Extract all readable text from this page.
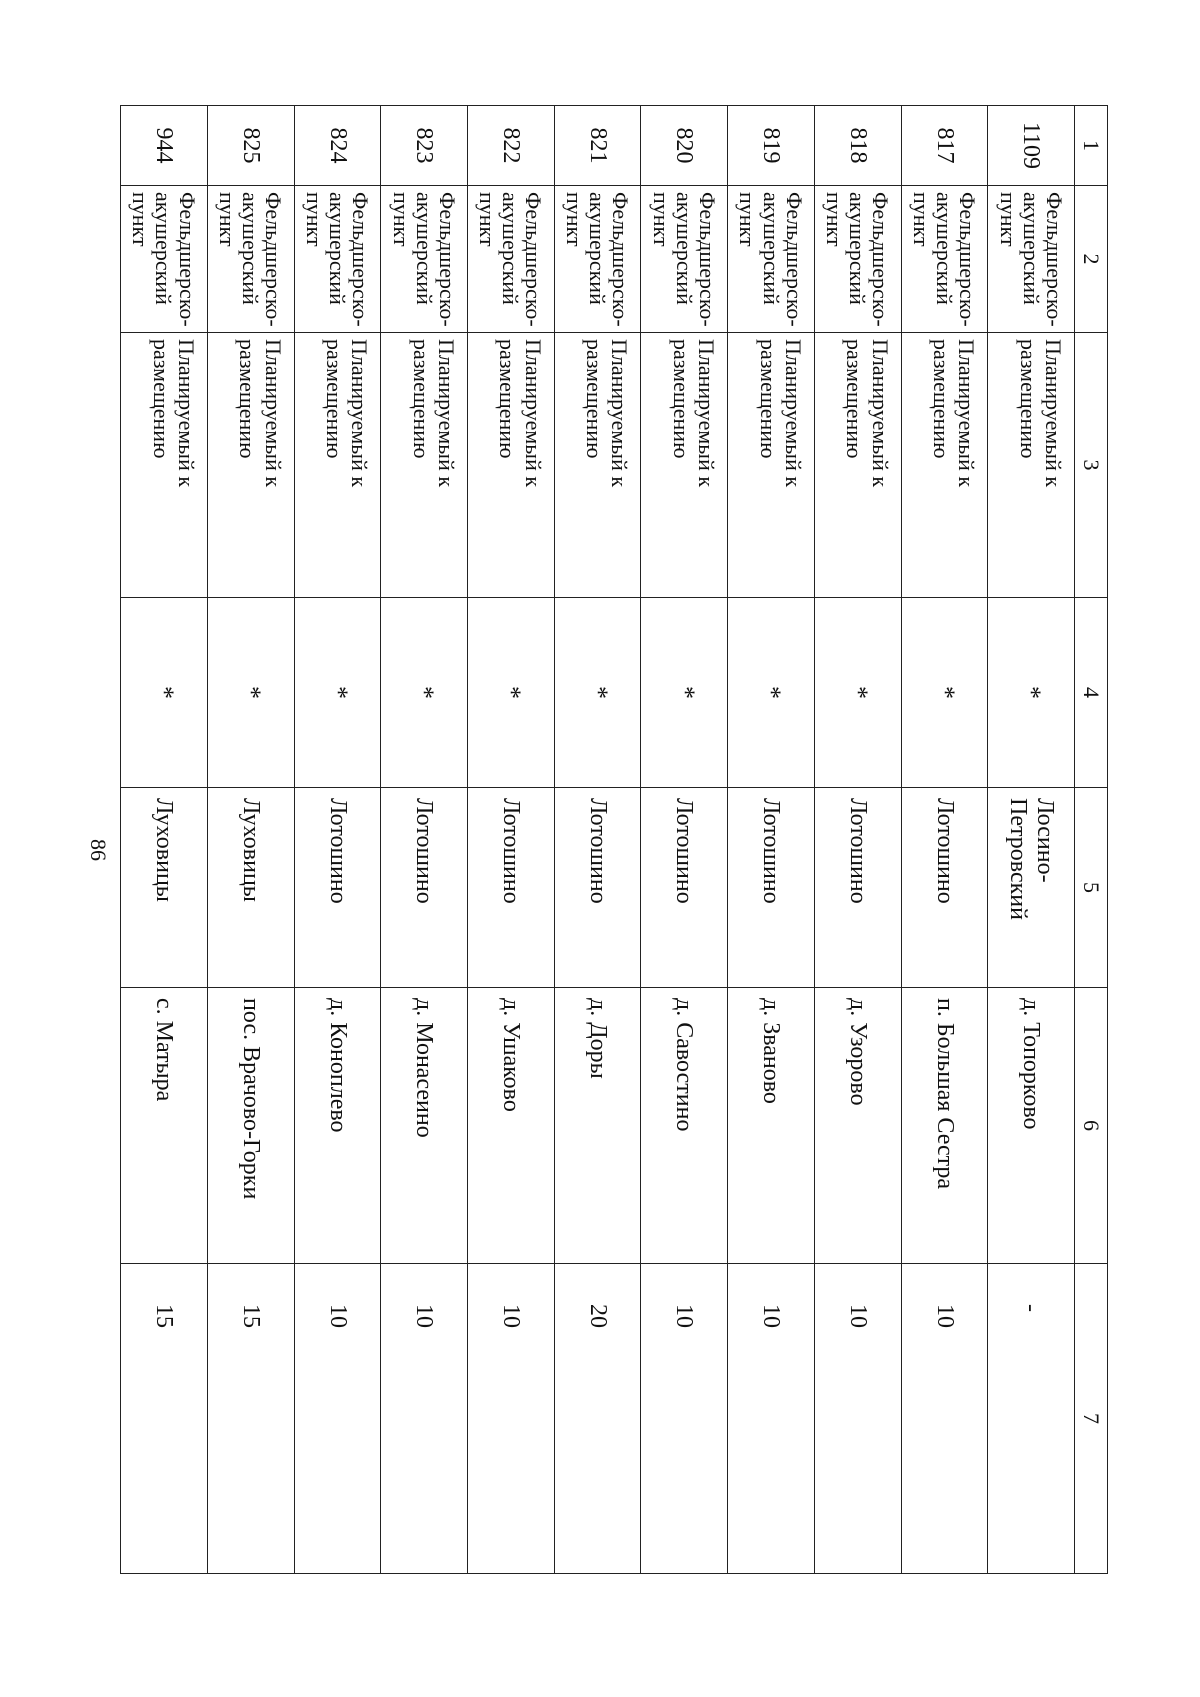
86
1	2	3	4	5	6	7
1109	Фельдшерско-акушерский пункт	Планируемый к размещению	*	Лосино-Петровский	д. Топорково	-
817	Фельдшерско-акушерский пункт	Планируемый к размещению	*	Лотошино	п. Большая Сестра	10
818	Фельдшерско-акушерский пункт	Планируемый к размещению	*	Лотошино	д. Узорово	10
819	Фельдшерско-акушерский пункт	Планируемый к размещению	*	Лотошино	д. Званово	10
820	Фельдшерско-акушерский пункт	Планируемый к размещению	*	Лотошино	д. Савостино	10
821	Фельдшерско-акушерский пункт	Планируемый к размещению	*	Лотошино	д. Доры	20
822	Фельдшерско-акушерский пункт	Планируемый к размещению	*	Лотошино	д. Ушаково	10
823	Фельдшерско-акушерский пункт	Планируемый к размещению	*	Лотошино	д. Монасеино	10
824	Фельдшерско-акушерский пункт	Планируемый к размещению	*	Лотошино	д. Коноплево	10
825	Фельдшерско-акушерский пункт	Планируемый к размещению	*	Луховицы	пос. Врачово-Горки	15
944	Фельдшерско-акушерский пункт	Планируемый к размещению	*	Луховицы	с. Матыра	15
